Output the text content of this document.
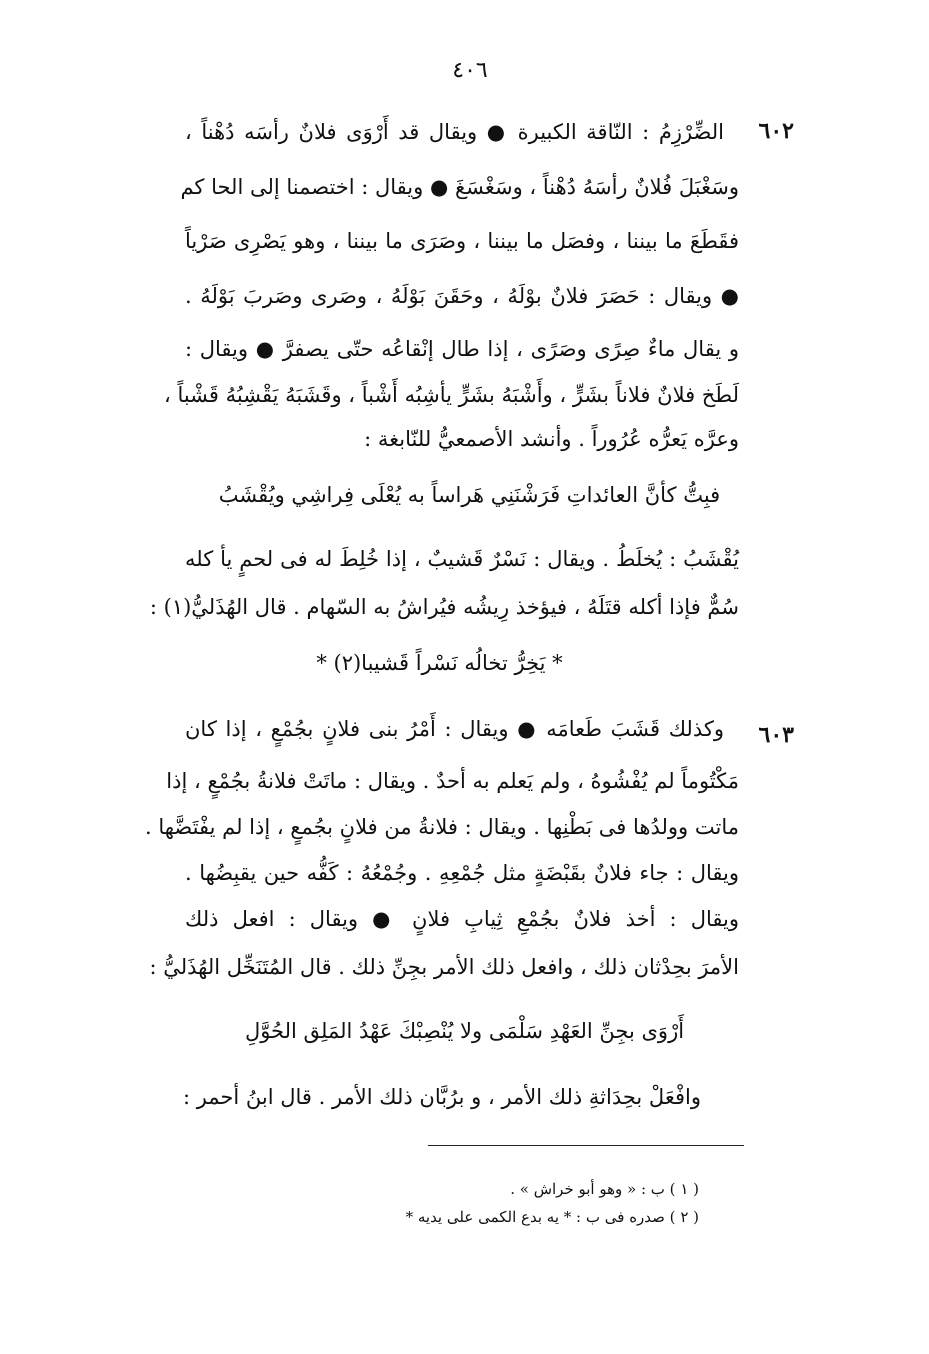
٤٠٦
٦٠٢
الضِّرْزِمُ : النّاقة الكبيرة ● ويقال قد أَرْوَى فلانٌ رأسَه دُهْناً ،
وسَغْبَلَ فُلانٌ رأسَهُ دُهْناً ، وسَغْسَغَ ● ويقال : اختصمنا إلى الحا كم
فقَطَعَ ما بيننا ، وفصَل ما بيننا ، وصَرَى ما بيننا ، وهو يَصْرِى صَرْياً
● ويقال : حَصَرَ فلانٌ بوْلَهُ ، وحَقَنَ بَوْلَهُ ، وصَرى وصَربَ بَوْلَهُ .
و يقال ماءٌ صِرًى وصَرًى ، إذا طال إنْقاعُه حتّى يصفرَّ ● ويقال :
لَطَخ فلانٌ فلاناً بشَرٍّ ، وأَشْبَهُ بشَرٍّ يأشِبُه أَشْباً ، وقَشَبَهُ يَقْشِبُهُ قَشْباً ،
وعرَّه يَعرُّه عُرُوراً . وأنشد الأصمعيُّ للنّابغة :
فبِتُّ كأنَّ العائداتِ فَرَشْنَنِي هَراساً به يُعْلَى فِراشِي ويُقْشَبُ
يُقْشَبُ : يُخلَطُ . ويقال : نَسْرٌ قَشيبٌ ، إذا خُلِطَ له فى لحمٍ يأ كله
سُمٌّ فإذا أكله قتَلَهُ ، فيؤخذ رِيشُه فيُراشُ به السّهام . قال الهُذَليُّ(١) :
* يَخِرُّ تخالُه نَسْراً قَشيبا(٢) *
٦٠٣
وكذلك قَشَبَ طَعامَه ● ويقال : أَمْرُ بنى فلانٍ بجُمْعٍ ، إذا كان
مَكْتُوماً لم يُفْشُوهُ ، ولم يَعلم به أحدٌ . ويقال : ماتَتْ فلانةُ بجُمْعٍ ، إذا
ماتت وولدُها فى بَطْنِها . ويقال : فلانةُ من فلانٍ بجُمعٍ ، إذا لم يفْتَضَّها .
ويقال : جاء فلانٌ بقَبْضَةٍ مثل جُمْعِهِ . وجُمْعُهُ : كَفُّه حين يقبِضُها .
ويقال : أخذ فلانٌ بجُمْعِ ثِيابِ فلانٍ ● ويقال : افعل ذلك
الأمرَ بحِدْثان ذلك ، وافعل ذلك الأمر بجِنِّ ذلك . قال المُتَنَخِّل الهُذَليُّ :
أَرْوَى بجِنِّ العَهْدِ سَلْمَى ولا يُنْصِبْكَ عَهْدُ المَلِق الحُوَّلِ
وافْعَلْ بحِدَاثةِ ذلك الأمر ، و برُبَّان ذلك الأمر . قال ابنُ أحمر :
( ١ ) ب : « وهو أبو خراش » .
( ٢ ) صدره فى ب : * يه بدع الكمى على يديه *
